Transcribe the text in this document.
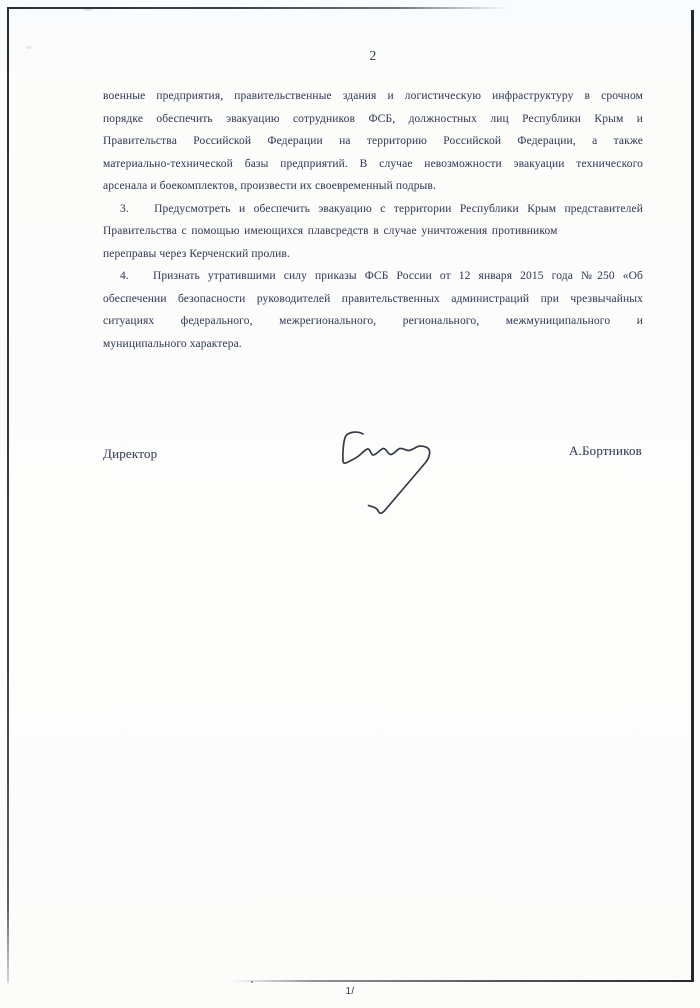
2
военные предприятия, правительственные здания и логистическую инфраструктуру в срочном
порядке обеспечить эвакуацию сотрудников ФСБ, должностных лиц Республики Крым и
Правительства Российской Федерации на территорию Российской Федерации, а также
материально-технической базы предприятий. В случае невозможности эвакуации технического
арсенала и боекомплектов, произвести их своевременный подрыв.
3.   Предусмотреть и обеспечить эвакуацию с территории Республики Крым представителей
Правительства с помощью имеющихся плавсредств в случае уничтожения противником
переправы через Керченский пролив.
4.   Признать утратившими силу приказы ФСБ России от 12 января 2015 года №250 «Об
обеспечении безопасности руководителей правительственных администраций при чрезвычайных
ситуациях федерального, межрегионального, регионального, межмуниципального и
муниципального характера.
Директор	А.Бортников
1/
